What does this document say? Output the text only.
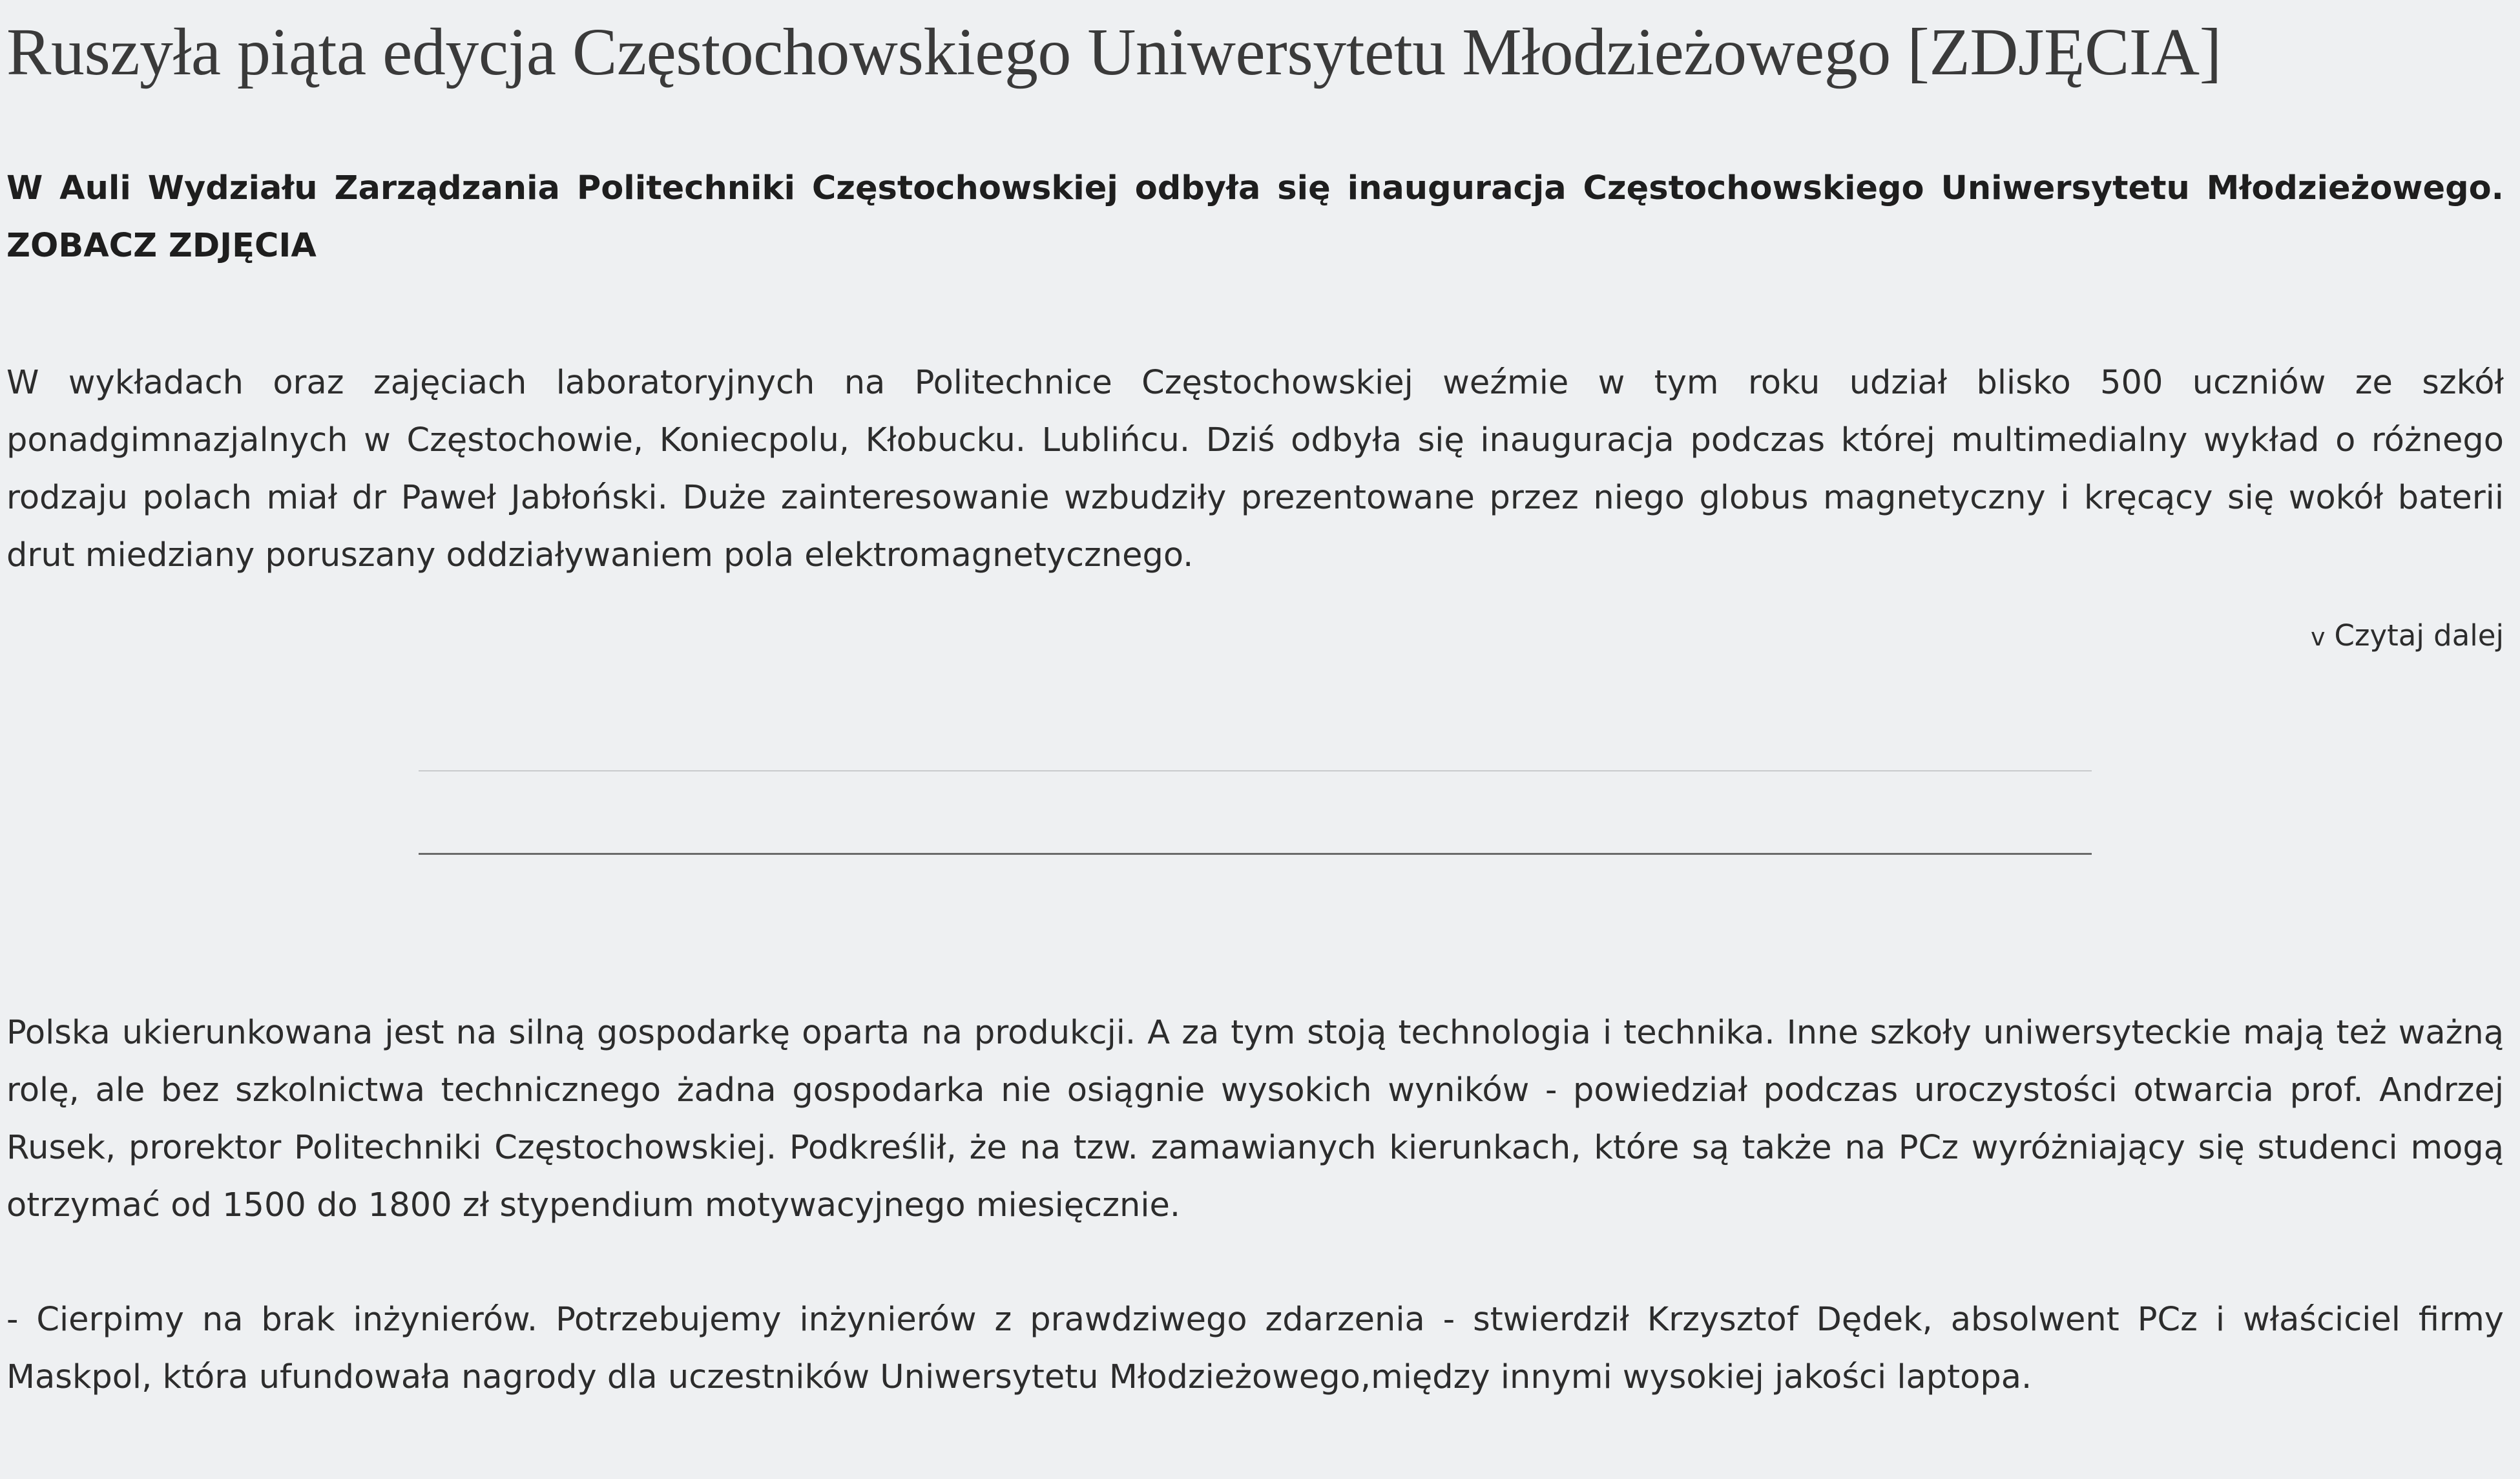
Ruszyła piąta edycja Częstochowskiego Uniwersytetu Młodzieżowego [ZDJĘCIA]

W Auli Wydziału Zarządzania Politechniki Częstochowskiej odbyła się inauguracja Częstochowskiego Uniwersytetu Młodzieżowego. ZOBACZ ZDJĘCIA

W wykładach oraz zajęciach laboratoryjnych na Politechnice Częstochowskiej weźmie w tym roku udział blisko 500 uczniów ze szkół ponadgimnazjalnych w Częstochowie, Koniecpolu, Kłobucku. Lublińcu. Dziś odbyła się inauguracja podczas której multimedialny wykład o różnego rodzaju polach miał dr Paweł Jabłoński. Duże zainteresowanie wzbudziły prezentowane przez niego globus magnetyczny i kręcący się wokół baterii drut miedziany poruszany oddziaływaniem pola elektromagnetycznego.

v Czytaj dalej

Polska ukierunkowana jest na silną gospodarkę oparta na produkcji. A za tym stoją technologia i technika. Inne szkoły uniwersyteckie mają też ważną rolę, ale bez szkolnictwa technicznego żadna gospodarka nie osiągnie wysokich wyników - powiedział podczas uroczystości otwarcia prof. Andrzej Rusek, prorektor Politechniki Częstochowskiej. Podkreślił, że na tzw. zamawianych kierunkach, które są także na PCz wyróżniający się studenci mogą otrzymać od 1500 do 1800 zł stypendium motywacyjnego miesięcznie.

- Cierpimy na brak inżynierów. Potrzebujemy inżynierów z prawdziwego zdarzenia - stwierdził Krzysztof Dędek, absolwent PCz i właściciel firmy Maskpol, która ufundowała nagrody dla uczestników Uniwersytetu Młodzieżowego,między innymi wysokiej jakości laptopa.
